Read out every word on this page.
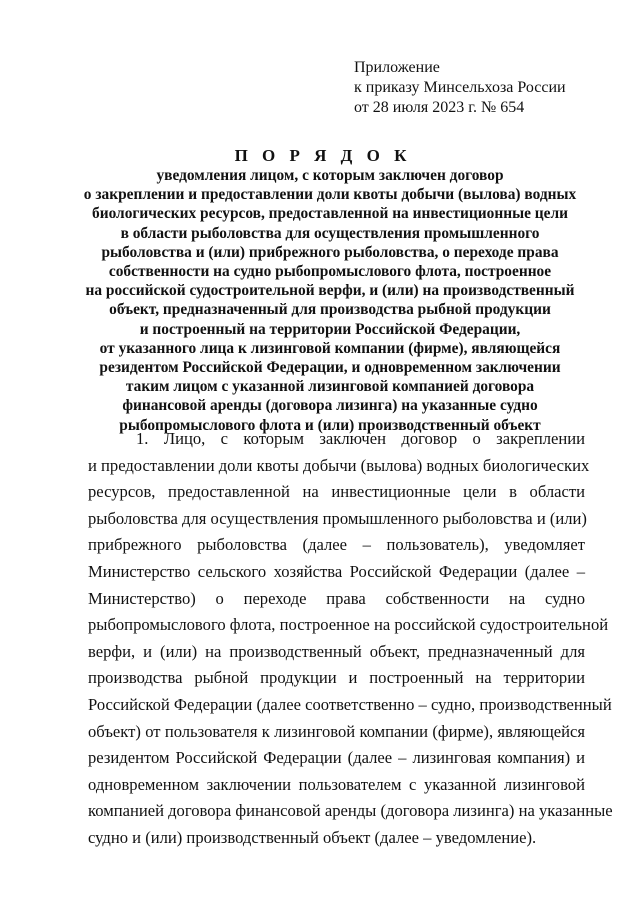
Приложение
к приказу Минсельхоза России
от 28 июля 2023 г. № 654
П О Р Я Д О К
уведомления лицом, с которым заключен договор
о закреплении и предоставлении доли квоты добычи (вылова) водных
биологических ресурсов, предоставленной на инвестиционные цели
в области рыболовства для осуществления промышленного
рыболовства и (или) прибрежного рыболовства, о переходе права
собственности на судно рыбопромыслового флота, построенное
на российской судостроительной верфи, и (или) на производственный
объект, предназначенный для производства рыбной продукции
и построенный на территории Российской Федерации,
от указанного лица к лизинговой компании (фирме), являющейся
резидентом Российской Федерации, и одновременном заключении
таким лицом с указанной лизинговой компанией договора
финансовой аренды (договора лизинга) на указанные судно
рыбопромыслового флота и (или) производственный объект
1. Лицо, с которым заключен договор о закреплении
и предоставлении доли квоты добычи (вылова) водных биологических
ресурсов, предоставленной на инвестиционные цели в области
рыболовства для осуществления промышленного рыболовства и (или)
прибрежного рыболовства (далее – пользователь), уведомляет
Министерство сельского хозяйства Российской Федерации (далее –
Министерство) о переходе права собственности на судно
рыбопромыслового флота, построенное на российской судостроительной
верфи, и (или) на производственный объект, предназначенный для
производства рыбной продукции и построенный на территории
Российской Федерации (далее соответственно – судно, производственный
объект) от пользователя к лизинговой компании (фирме), являющейся
резидентом Российской Федерации (далее – лизинговая компания) и
одновременном заключении пользователем с указанной лизинговой
компанией договора финансовой аренды (договора лизинга) на указанные
судно и (или) производственный объект (далее – уведомление).
